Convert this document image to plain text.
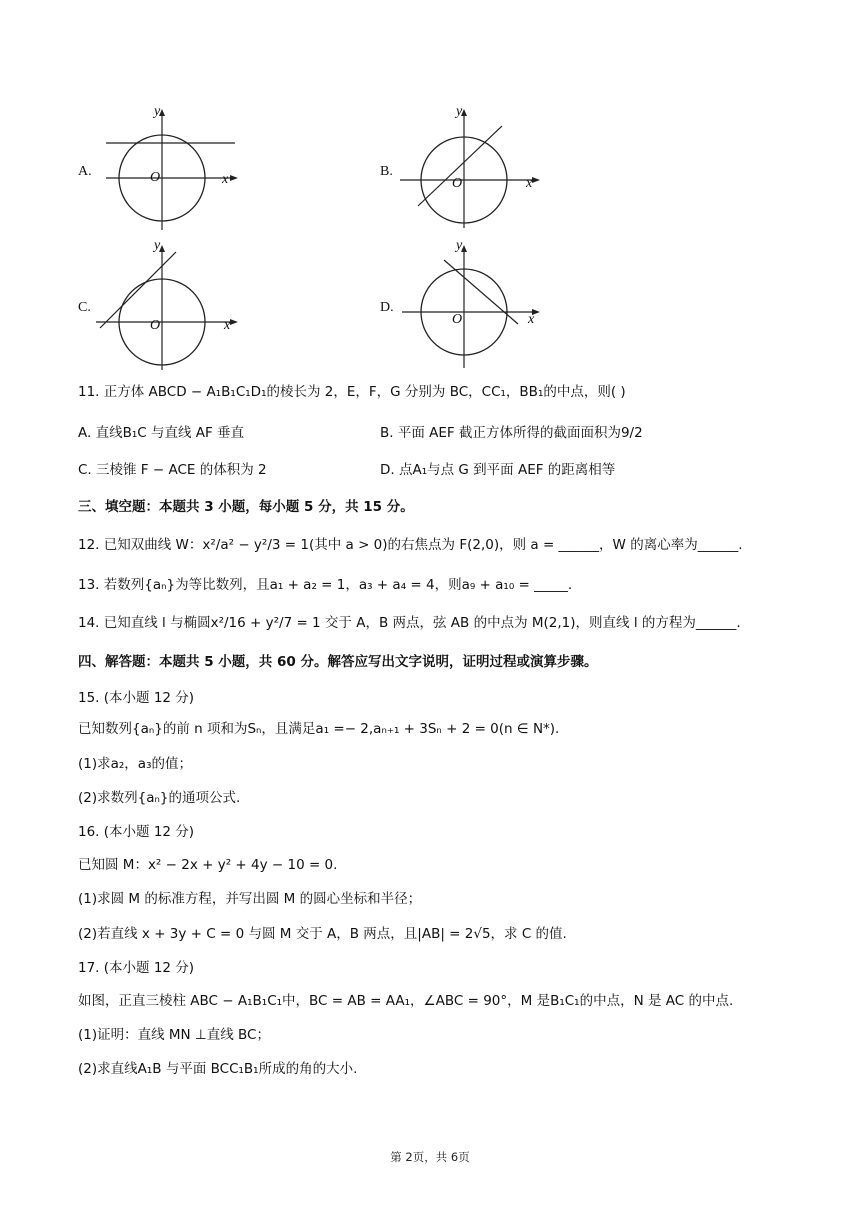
A.
x
y
O	B.
x
y
O
C.
x
y
O
D.
x
y
O
11. 正方体 ABCD − A₁B₁C₁D₁的棱长为 2，E，F，G 分别为 BC，CC₁，BB₁的中点，则( )
A. 直线B₁C 与直线 AF 垂直	B. 平面 AEF 截正方体所得的截面面积为9/2
C. 三棱锥 F − ACE 的体积为 2	D. 点A₁与点 G 到平面 AEF 的距离相等
三、填空题：本题共 3 小题，每小题 5 分，共 15 分。
12. 已知双曲线 W：x²/a² − y²/3 = 1(其中 a > 0)的右焦点为 F(2,0)，则 a = ______，W 的离心率为______.
13. 若数列{aₙ}为等比数列，且a₁ + a₂ = 1，a₃ + a₄ = 4，则a₉ + a₁₀ = _____.
14. 已知直线 l 与椭圆x²/16 + y²/7 = 1 交于 A，B 两点，弦 AB 的中点为 M(2,1)，则直线 l 的方程为______.
四、解答题：本题共 5 小题，共 60 分。解答应写出文字说明，证明过程或演算步骤。
15. (本小题 12 分)
已知数列{aₙ}的前 n 项和为Sₙ，且满足a₁ =− 2,aₙ₊₁ + 3Sₙ + 2 = 0(n ∈ N*).
(1)求a₂，a₃的值；
(2)求数列{aₙ}的通项公式.
16. (本小题 12 分)
已知圆 M：x² − 2x + y² + 4y − 10 = 0.
(1)求圆 M 的标准方程，并写出圆 M 的圆心坐标和半径；
(2)若直线 x + 3y + C = 0 与圆 M 交于 A，B 两点，且|AB| = 2√5，求 C 的值.
17. (本小题 12 分)
如图，正直三棱柱 ABC − A₁B₁C₁中，BC = AB = AA₁，∠ABC = 90°，M 是B₁C₁的中点，N 是 AC 的中点.
(1)证明：直线 MN ⊥直线 BC；
(2)求直线A₁B 与平面 BCC₁B₁所成的角的大小.
第 2页，共 6页
